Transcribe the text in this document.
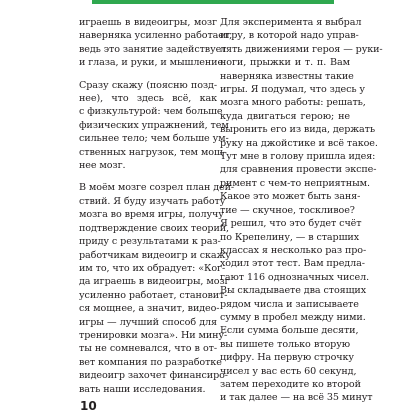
играешь в видеоигры, мозг
наверняка усиленно работает,
ведь это занятие задействует
и глаза, и руки, и мышление.
Сразу скажу (поясню позд-
нее), что здесь всё, как
с физкультурой: чем больше
физических упражнений, тем
сильнее тело; чем больше ум-
ственных нагрузок, тем мощ-
нее мозг.
В моём мозге созрел план дей-
ствий. Я буду изучать работу
мозга во время игры, получу
подтверждение своих теорий,
приду с результатами к раз-
работчикам видеоигр и скажу
им то, что их обрадует: «Ког-
да играешь в видеоигры, мозг
усиленно работает, становит-
ся мощнее, а значит, видео-
игры — лучший способ для
тренировки мозга». Ни мину-
ты не сомневался, что в от-
вет компания по разработке
видеоигр захочет финансиро-
вать наши исследования.
Для эксперимента я выбрал
игру, в которой надо управ-
лять движениями героя — руки-
ноги, прыжки и т. п. Вам
наверняка известны такие
игры. Я подумал, что здесь у
мозга много работы: решать,
куда двигаться герою; не
выронить его из вида, держать
руку на джойстике и всё такое.
Тут мне в голову пришла идея:
для сравнения провести экспе-
римент с чем-то неприятным.
Какое это может быть заня-
тие — скучное, тоскливое?
Я решил, что это будет счёт
по Крепелину, — в старших
классах я несколько раз про-
ходил этот тест. Вам предла-
гают 116 однозначных чисел.
Вы складываете два стоящих
рядом числа и записываете
сумму в пробел между ними.
Если сумма больше десяти,
вы пишете только вторую
цифру. На первую строчку
чисел у вас есть 60 секунд,
затем переходите ко второй
и так далее — на всё 35 минут
10
